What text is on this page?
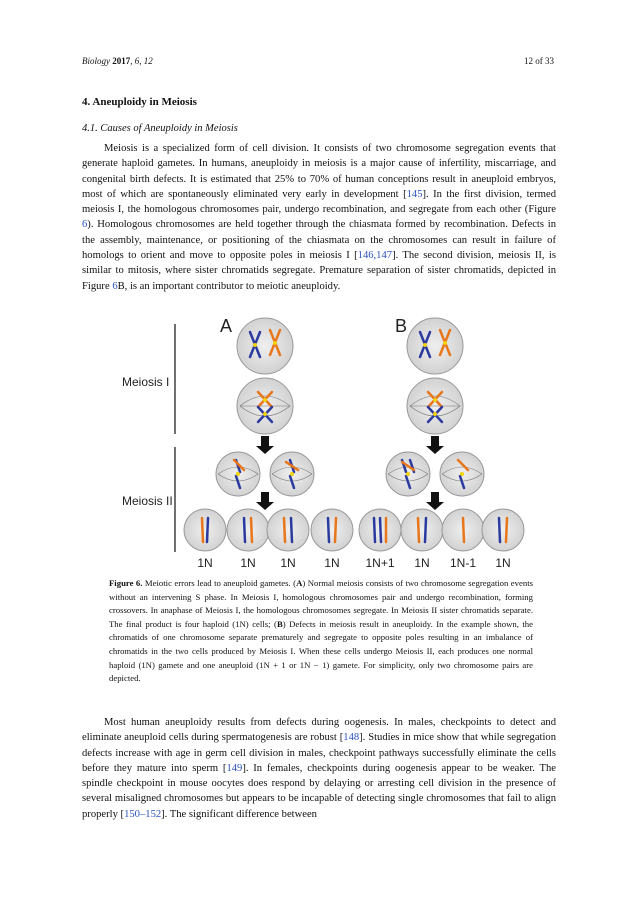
Biology 2017, 6, 12	12 of 33
4. Aneuploidy in Meiosis
4.1. Causes of Aneuploidy in Meiosis

Meiosis is a specialized form of cell division. It consists of two chromosome segregation events that generate haploid gametes. In humans, aneuploidy in meiosis is a major cause of infertility, miscarriage, and congenital birth defects. It is estimated that 25% to 70% of human conceptions result in aneuploid embryos, most of which are spontaneously eliminated very early in development [145]. In the first division, termed meiosis I, the homologous chromosomes pair, undergo recombination, and segregate from each other (Figure 6). Homologous chromosomes are held together through the chiasmata formed by recombination. Defects in the assembly, maintenance, or positioning of the chiasmata on the chromosomes can result in failure of homologs to orient and move to opposite poles in meiosis I [146,147]. The second division, meiosis II, is similar to mitosis, where sister chromatids segregate. Premature separation of sister chromatids, depicted in Figure 6B, is an important contributor to meiotic aneuploidy.

Meiosis I
Meiosis II
A	B
1N 1N 1N 1N 1N+1 1N 1N-1 1N
Figure 6. Meiotic errors lead to aneuploid gametes. (A) Normal meiosis consists of two chromosome segregation events without an intervening S phase. In Meiosis I, homologous chromosomes pair and undergo recombination, forming crossovers. In anaphase of Meiosis I, the homologous chromosomes segregate. In Meiosis II sister chromatids separate. The final product is four haploid (1N) cells; (B) Defects in meiosis result in aneuploidy. In the example shown, the chromatids of one chromosome separate prematurely and segregate to opposite poles resulting in an imbalance of chromatids in the two cells produced by Meiosis I. When these cells undergo Meiosis II, each produces one normal haploid (1N) gamete and one aneuploid (1N + 1 or 1N − 1) gamete. For simplicity, only two chromosome pairs are depicted.

Most human aneuploidy results from defects during oogenesis. In males, checkpoints to detect and eliminate aneuploid cells during spermatogenesis are robust [148]. Studies in mice show that while segregation defects increase with age in germ cell division in males, checkpoint pathways successfully eliminate the cells before they mature into sperm [149]. In females, checkpoints during oogenesis appear to be weaker. The spindle checkpoint in mouse oocytes does respond by delaying or arresting cell division in the presence of several misaligned chromosomes but appears to be incapable of detecting single chromosomes that fail to align properly [150–152]. The significant difference between
